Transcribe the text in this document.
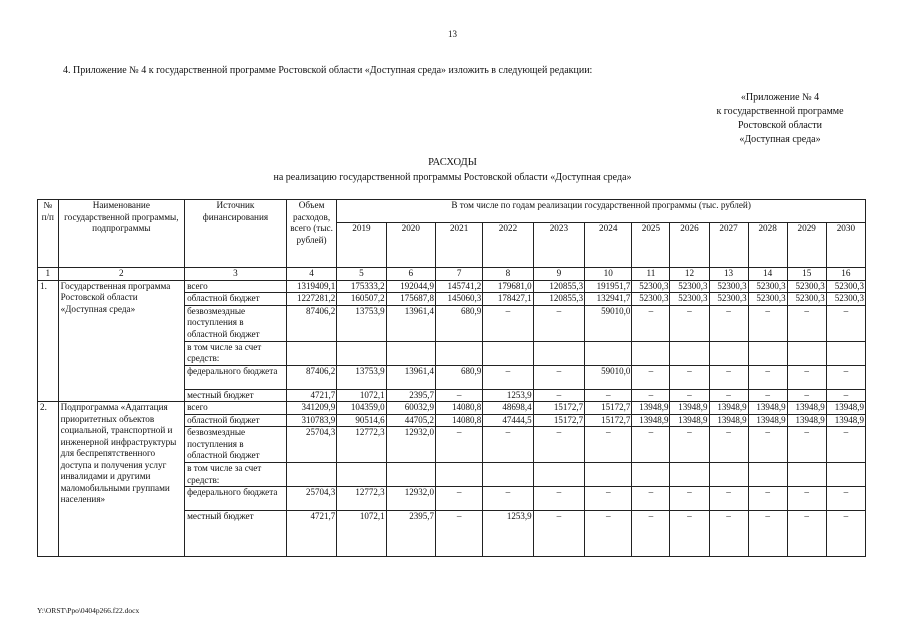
13
4. Приложение № 4 к государственной программе Ростовской области «Доступная среда» изложить в следующей редакции:
«Приложение № 4
к государственной программе
Ростовской области
«Доступная среда»
РАСХОДЫ
на реализацию государственной программы Ростовской области «Доступная среда»
№ п/п	Наименование государственной программы, подпрограммы	Источник финансирования	Объем расходов, всего (тыс. рублей)	В том числе по годам реализации государственной программы (тыс. рублей)											
				2019	2020	2021	2022	2023	2024	2025	2026	2027	2028	2029	2030
1	2	3	4	5	6	7	8	9	10	11	12	13	14	15	16
1.	Государственная программа Ростовской области «Доступная среда»	всего	1319409,1	175333,2	192044,9	145741,2	179681,0	120855,3	191951,7	52300,3	52300,3	52300,3	52300,3	52300,3	52300,3
		областной бюджет	1227281,2	160507,2	175687,8	145060,3	178427,1	120855,3	132941,7	52300,3	52300,3	52300,3	52300,3	52300,3	52300,3
		безвозмездные поступления в областной бюджет	87406,2	13753,9	13961,4	680,9	–	–	59010,0	–	–	–	–	–	–
		в том числе за счет средств:													
		федерального бюджета	87406,2	13753,9	13961,4	680,9	–	–	59010,0	–	–	–	–	–	–
		местный бюджет	4721,7	1072,1	2395,7	–	1253,9	–	–	–	–	–	–	–	–
2.	Подпрограмма «Адаптация приоритетных объектов социальной, транспортной и инженерной инфраструктуры для беспрепятственного доступа и получения услуг инвалидами и другими маломобильными группами населения»	всего	341209,9	104359,0	60032,9	14080,8	48698,4	15172,7	15172,7	13948,9	13948,9	13948,9	13948,9	13948,9	13948,9
		областной бюджет	310783,9	90514,6	44705,2	14080,8	47444,5	15172,7	15172,7	13948,9	13948,9	13948,9	13948,9	13948,9	13948,9
		безвозмездные поступления в областной бюджет	25704,3	12772,3	12932,0	–	–	–	–	–	–	–	–	–	–
		в том числе за счет средств:													
		федерального бюджета	25704,3	12772,3	12932,0	–	–	–	–	–	–	–	–	–	–
		местный бюджет	4721,7	1072,1	2395,7	–	1253,9	–	–	–	–	–	–	–	–
Y:\ORST\Ppo\0404p266.f22.docx
